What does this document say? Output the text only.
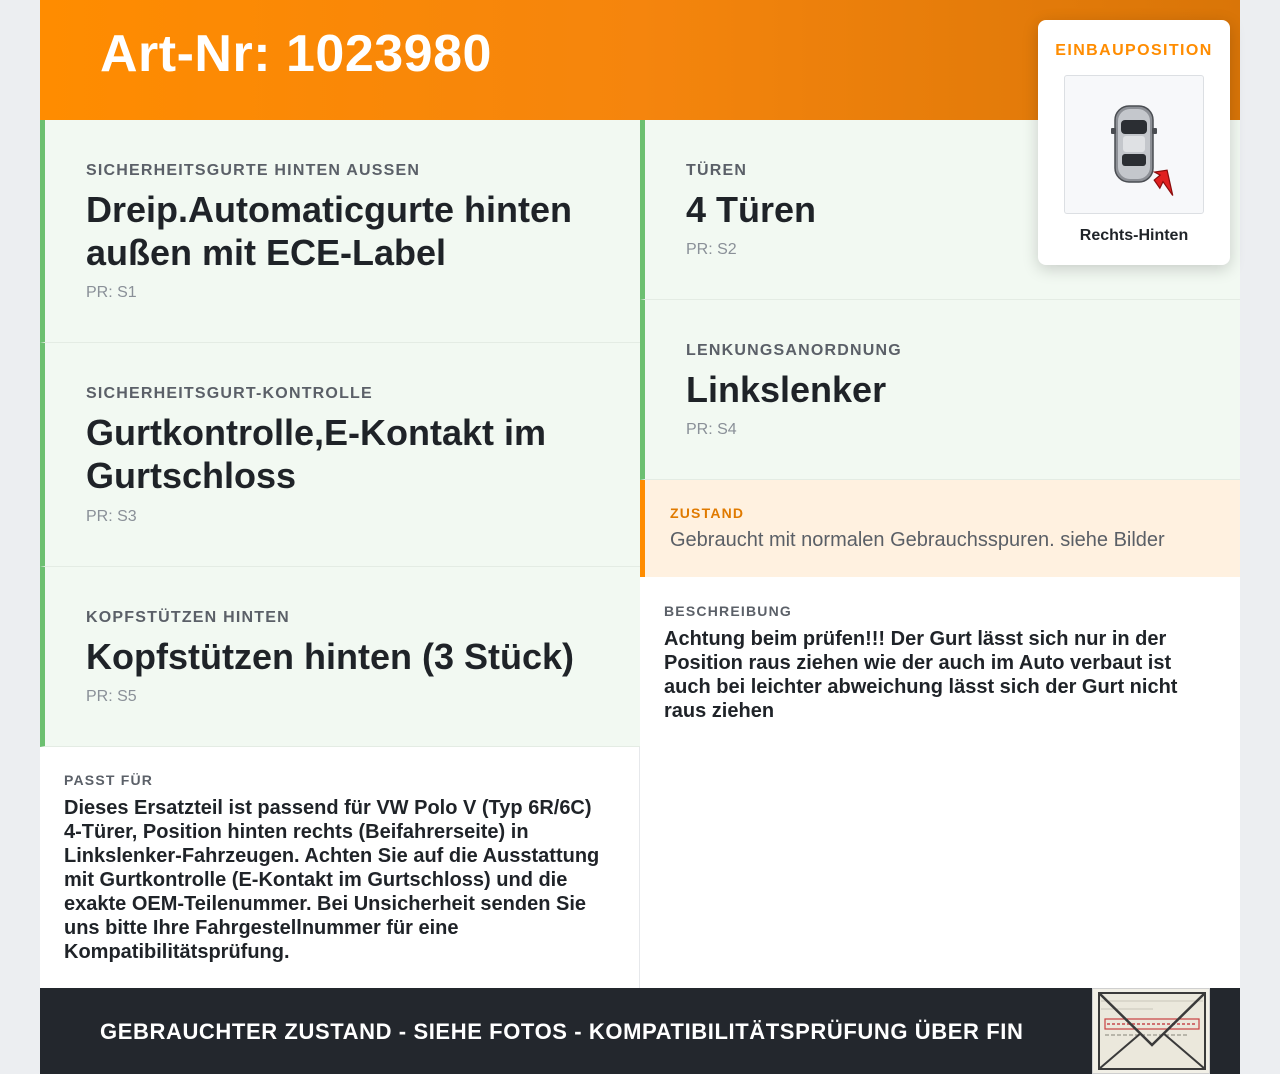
Art-Nr: 1023980
SICHERHEITSGURTE HINTEN AUSSEN

Dreip.Automaticgurte hinten außen mit ECE-Label

PR: S1
SICHERHEITSGURT-KONTROLLE

Gurtkontrolle,E-Kontakt im Gurtschloss

PR: S3
KOPFSTÜTZEN HINTEN

Kopfstützen hinten (3 Stück)

PR: S5
TÜREN

4 Türen

PR: S2
LENKUNGSANORDNUNG

Linkslenker

PR: S4
ZUSTAND
Gebraucht mit normalen Gebrauchsspuren. siehe Bilder
BESCHREIBUNG

Achtung beim prüfen!!! Der Gurt lässt sich nur in der Position raus ziehen wie der auch im Auto verbaut ist auch bei leichter abweichung lässt sich der Gurt nicht raus ziehen

PASST FÜR

Dieses Ersatzteil ist passend für VW Polo V (Typ 6R/6C) 4-Türer, Position hinten rechts (Beifahrerseite) in Linkslenker-Fahrzeugen. Achten Sie auf die Ausstattung mit Gurtkontrolle (E-Kontakt im Gurtschloss) und die exakte OEM-Teilenummer. Bei Unsicherheit senden Sie uns bitte Ihre Fahrgestellnummer für eine Kompatibilitätsprüfung.

GEBRAUCHTER ZUSTAND - SIEHE FOTOS - KOMPATIBILITÄTSPRÜFUNG ÜBER FIN
EINBAUPOSITION
Rechts-Hinten
